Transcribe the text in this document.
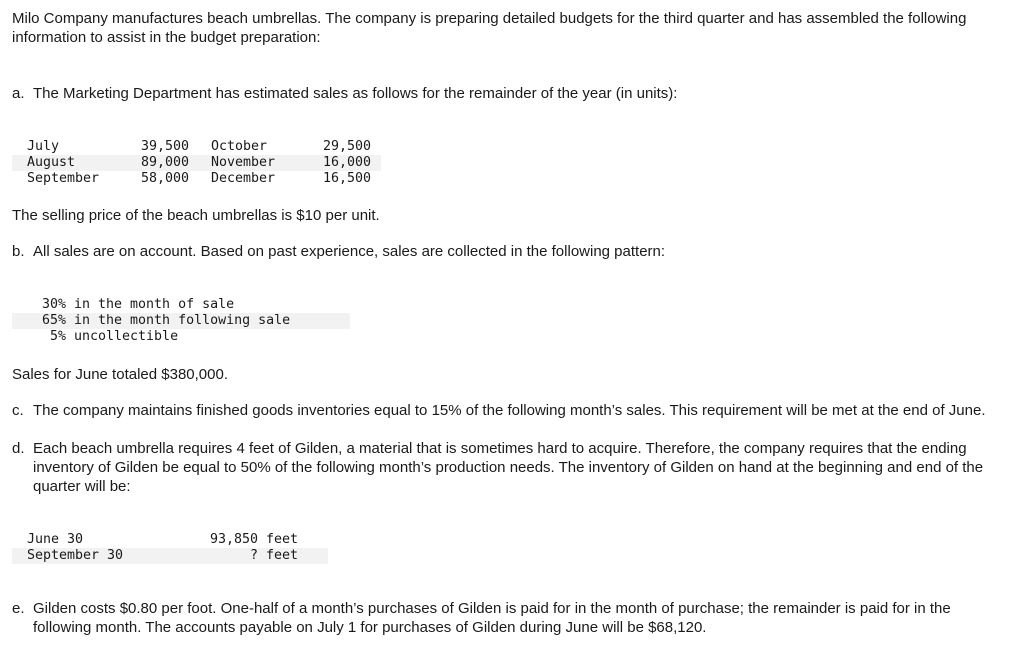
Milo Company manufactures beach umbrellas. The company is preparing detailed budgets for the third quarter and has assembled the following information to assist in the budget preparation:

a. The Marketing Department has estimated sales as follows for the remainder of the year (in units):
	July	39,500		October	29,500	
	August	89,000		November	16,000	
	September	58,000		December	16,500	

The selling price of the beach umbrellas is $10 per unit.

b. All sales are on account. Based on past experience, sales are collected in the following pattern:
30%		in the month of sale
65%		in the month following sale
5%		uncollectible

Sales for June totaled $380,000.

c. The company maintains finished goods inventories equal to 15% of the following month’s sales. This requirement will be met at the end of June.
d. Each beach umbrella requires 4 feet of Gilden, a material that is sometimes hard to acquire. Therefore, the company requires that the ending inventory of Gilden be equal to 50% of the following month’s production needs. The inventory of Gilden on hand at the beginning and end of the quarter will be:
	June 30	93,850		feet
	September 30	?		feet
e. Gilden costs $0.80 per foot. One-half of a month’s purchases of Gilden is paid for in the month of purchase; the remainder is paid for in the following month. The accounts payable on July 1 for purchases of Gilden during June will be $68,120.
